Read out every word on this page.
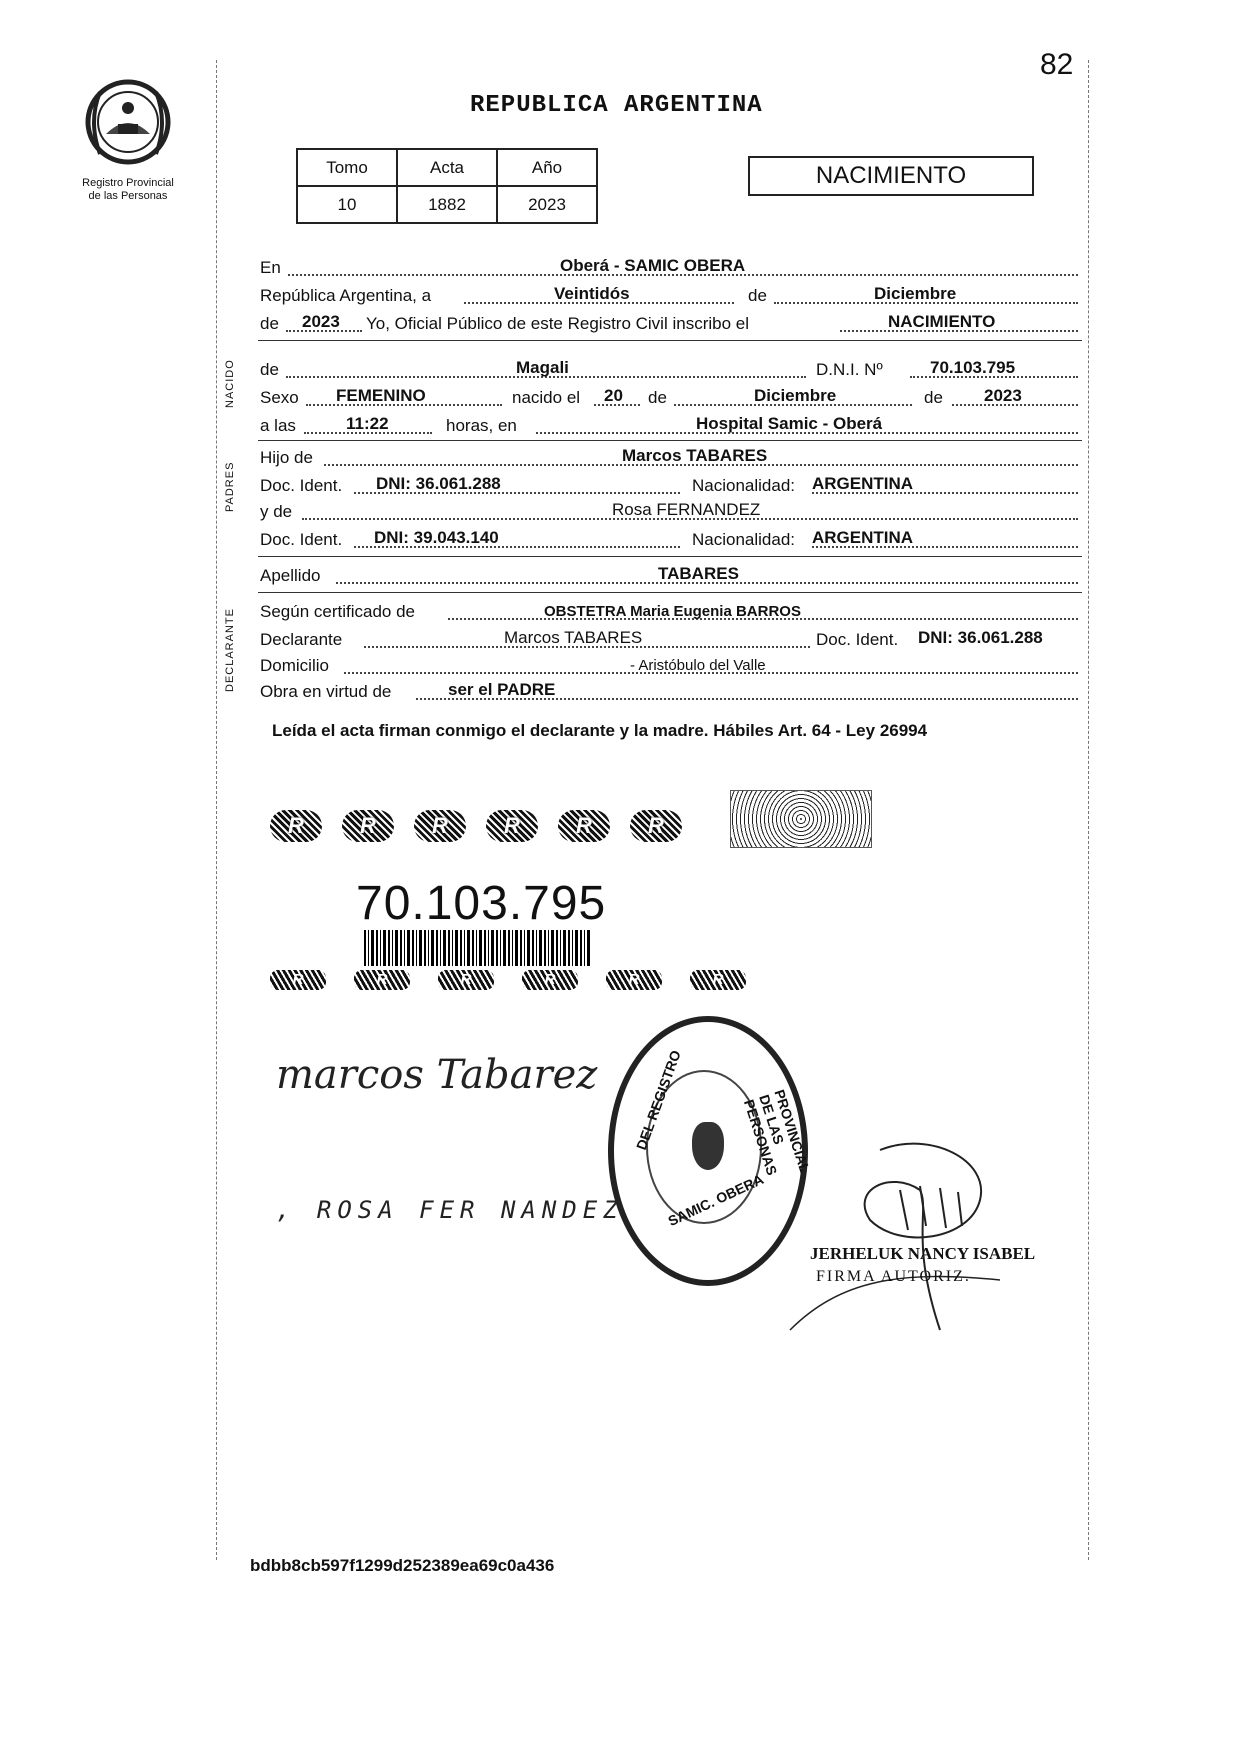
82
Registro Provincial
de las Personas
REPUBLICA ARGENTINA
Tomo	Acta	Año
10	1882	2023
NACIMIENTO
NACIDO
PADRES
DECLARANTE
En	Oberá - SAMIC OBERA
República Argentina, a	Veintidós	de	Diciembre
de 2023 Yo, Oficial Público de este Registro Civil inscribo el	NACIMIENTO
de	Magali	D.N.I. Nº	70.103.795
Sexo FEMENINO	nacido el 20 de	Diciembre	de 2023
a las	11:22	horas, en	Hospital Samic - Oberá
Hijo de	Marcos TABARES
Doc. Ident. DNI: 36.061.288	Nacionalidad: ARGENTINA
y de	Rosa FERNANDEZ
Doc. Ident. DNI: 39.043.140	Nacionalidad: ARGENTINA
Apellido	TABARES
Según certificado de	OBSTETRA Maria Eugenia BARROS
Declarante	Marcos TABARES	Doc. Ident. DNI: 36.061.288
Domicilio	- Aristóbulo del Valle
Obra en virtud de	ser el PADRE
Leída el acta firman conmigo el declarante y la madre. Hábiles Art. 64 - Ley 26994
R	R	R	R	R	R
70.103.795
R	R	R	R	R	R
marcos Tabarez
, ROSA FER NANDEZ
DEL REGISTRO	PROVINCIAL DE LAS PERSONAS
SAMIC. OBERA
JERHELUK NANCY ISABEL
FIRMA AUTORIZ.
bdbb8cb597f1299d252389ea69c0a436
